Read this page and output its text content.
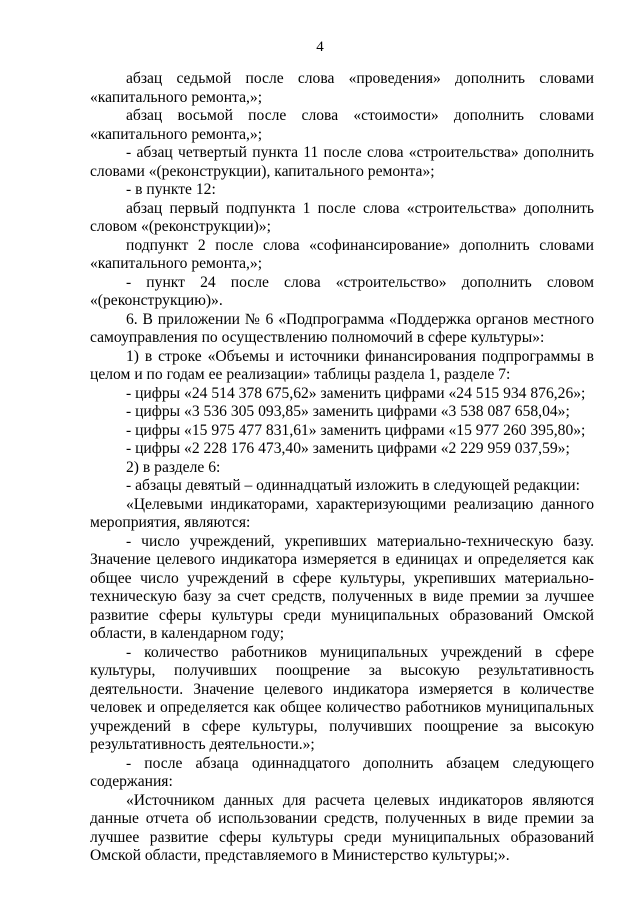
4

абзац седьмой после слова «проведения» дополнить словами «капитального ремонта,»;

абзац восьмой после слова «стоимости» дополнить словами «капитального ремонта,»;

- абзац четвертый пункта 11 после слова «строительства» дополнить словами «(реконструкции), капитального ремонта»;

- в пункте 12:

абзац первый подпункта 1 после слова «строительства» дополнить словом «(реконструкции)»;

подпункт 2 после слова «софинансирование» дополнить словами «капитального ремонта,»;

- пункт 24 после слова «строительство» дополнить словом «(реконструкцию)».

6. В приложении № 6 «Подпрограмма «Поддержка органов местного самоуправления по осуществлению полномочий в сфере культуры»:

1) в строке «Объемы и источники финансирования подпрограммы в целом и по годам ее реализации» таблицы раздела 1, разделе 7:

- цифры «24 514 378 675,62» заменить цифрами «24 515 934 876,26»;

- цифры «3 536 305 093,85» заменить цифрами «3 538 087 658,04»;

- цифры «15 975 477 831,61» заменить цифрами «15 977 260 395,80»;

- цифры «2 228 176 473,40» заменить цифрами «2 229 959 037,59»;

2) в разделе 6:

- абзацы девятый – одиннадцатый изложить в следующей редакции:

«Целевыми индикаторами, характеризующими реализацию данного мероприятия, являются:

- число учреждений, укрепивших материально-техническую базу. Значение целевого индикатора измеряется в единицах и определяется как общее число учреждений в сфере культуры, укрепивших материально-техническую базу за счет средств, полученных в виде премии за лучшее развитие сферы культуры среди муниципальных образований Омской области, в календарном году;

- количество работников муниципальных учреждений в сфере культуры, получивших поощрение за высокую результативность деятельности. Значение целевого индикатора измеряется в количестве человек и определяется как общее количество работников муниципальных учреждений в сфере культуры, получивших поощрение за высокую результативность деятельности.»;

- после абзаца одиннадцатого дополнить абзацем следующего содержания:

«Источником данных для расчета целевых индикаторов являются данные отчета об использовании средств, полученных в виде премии за лучшее развитие сферы культуры среди муниципальных образований Омской области, представляемого в Министерство культуры;».
